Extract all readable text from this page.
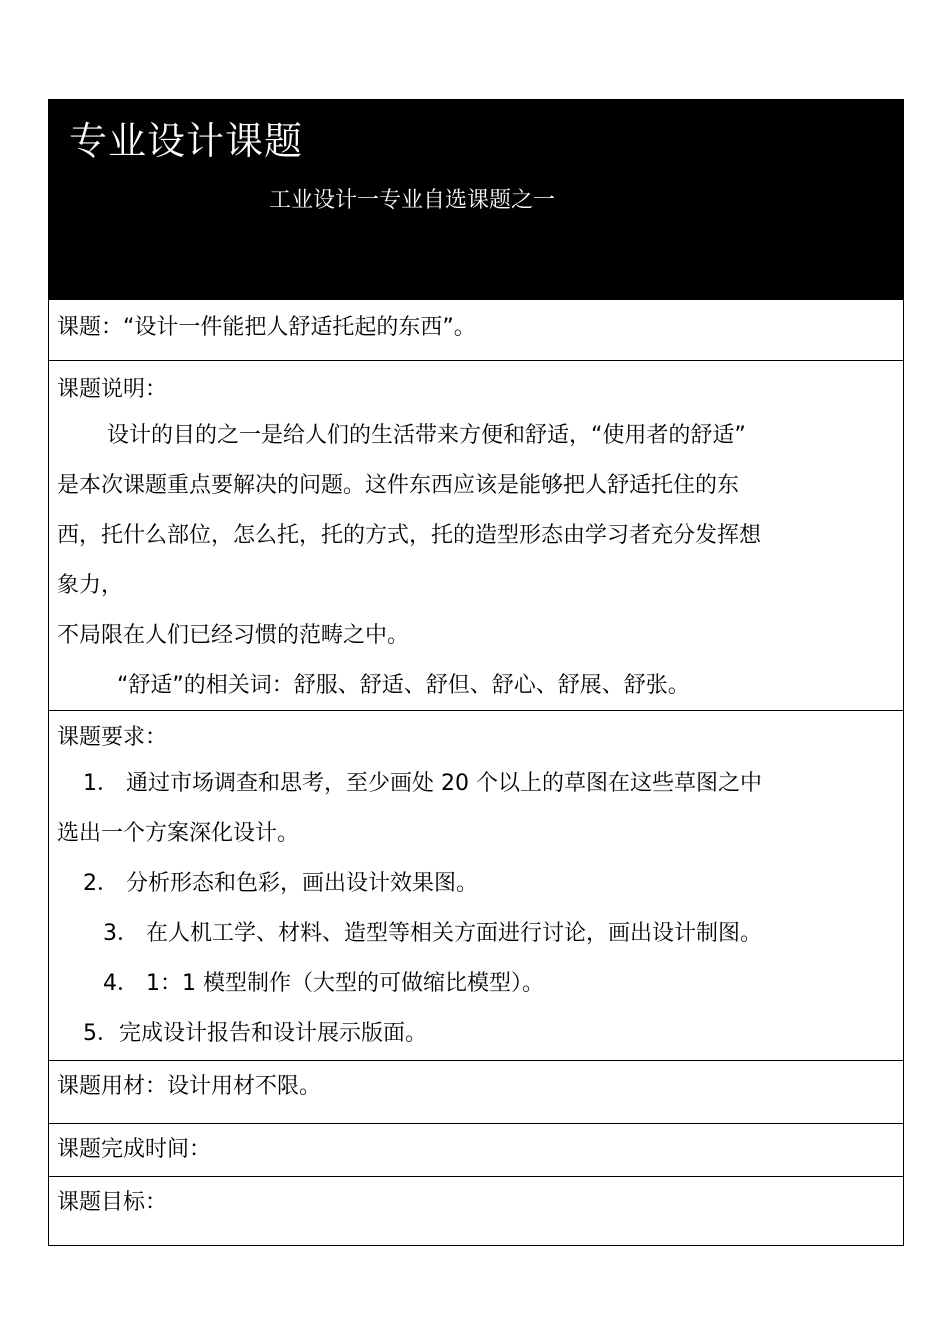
专业设计课题
工业设计一专业自选课题之一
课题：“设计一件能把人舒适托起的东西”。
课题说明：
设计的目的之一是给人们的生活带来方便和舒适，“使用者的舒适”
是本次课题重点要解决的问题。这件东西应该是能够把人舒适托住的东
西，托什么部位，怎么托，托的方式，托的造型形态由学习者充分发挥想
象力，
不局限在人们已经习惯的范畴之中。
“舒适”的相关词：舒服、舒适、舒但、舒心、舒展、舒张。
课题要求：
1． 通过市场调查和思考，至少画处 20 个以上的草图在这些草图之中
选出一个方案深化设计。
2． 分析形态和色彩，画出设计效果图。
3． 在人机工学、材料、造型等相关方面进行讨论，画出设计制图。
4． 1：1 模型制作（大型的可做缩比模型）。
5．完成设计报告和设计展示版面。
课题用材：设计用材不限。
课题完成时间：
课题目标：
